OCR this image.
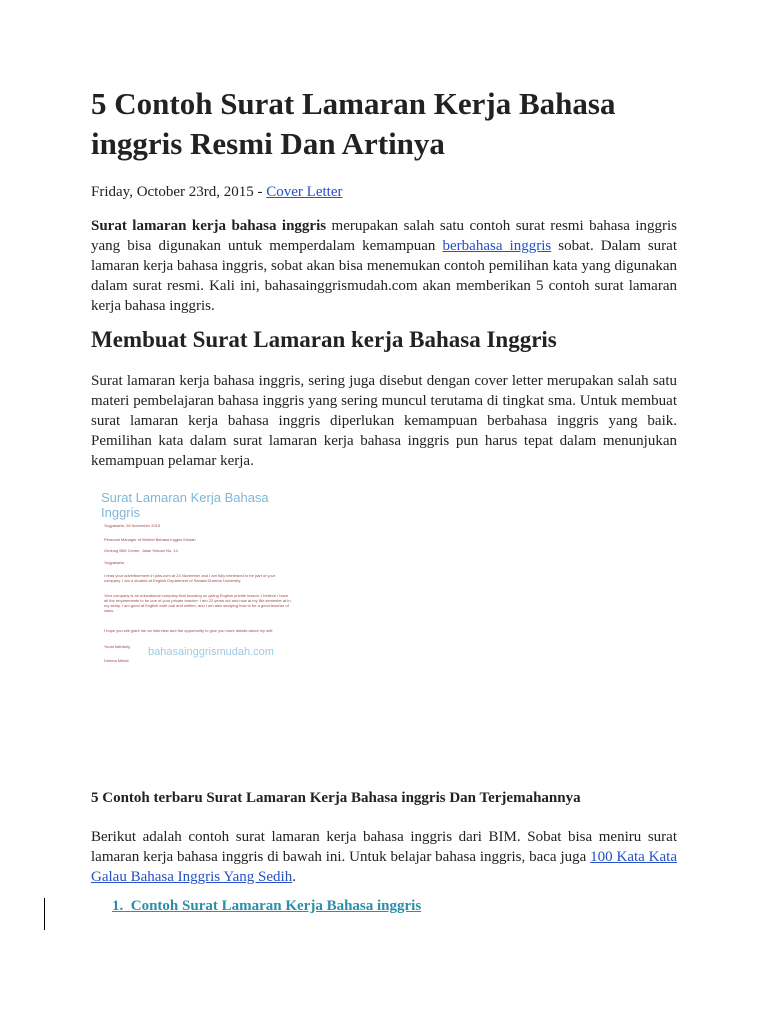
5 Contoh Surat Lamaran Kerja Bahasa inggris Resmi Dan Artinya

Friday, October 23rd, 2015 - Cover Letter

Surat lamaran kerja bahasa inggris merupakan salah satu contoh surat resmi bahasa inggris yang bisa digunakan untuk memperdalam kemampuan berbahasa inggris sobat. Dalam surat lamaran kerja bahasa inggris, sobat akan bisa menemukan contoh pemilihan kata yang digunakan dalam surat resmi. Kali ini, bahasainggrismudah.com akan memberikan 5 contoh surat lamaran kerja bahasa inggris.

Membuat Surat Lamaran kerja Bahasa Inggris

Surat lamaran kerja bahasa inggris, sering juga disebut dengan cover letter merupakan salah satu materi pembelajaran bahasa inggris yang sering muncul terutama di tingkat sma. Untuk membuat surat lamaran kerja bahasa inggris diperlukan kemampuan berbahasa inggris yang baik. Pemilihan kata dalam surat lamaran kerja bahasa inggris pun harus tepat dalam menunjukan kemampuan pelamar kerja.

Surat Lamaran Kerja Bahasa Inggris

Yogyakarta, 26 November 2015

Personal Manager of Bimbel Bahasa Inggris Mudah

Gedung BIM Center, Jalan Setuan No. 14

Yogyakarta

I read your advertisement in jobs.com at 24 November and I am fully interested to be part of your company. I am a student at English Department of Sanata Dharma University.

Your company is an educational company that focusing on giving English private lesson. I believe I have all the requirements to be one of your private teacher. I am 22 years old and now at my 8th semester at in my study. I am good at English both oral and written, and I am also studying how to be a good teacher of class.

I hope you will grant me an interview and the opportunity to give you more details about my self.

Yours faithfully,

Dekma Melati

bahasainggrismudah.com

5 Contoh terbaru Surat Lamaran Kerja Bahasa inggris Dan Terjemahannya

Berikut adalah contoh surat lamaran kerja bahasa inggris dari BIM. Sobat bisa meniru surat lamaran kerja bahasa inggris di bawah ini. Untuk belajar bahasa inggris, baca juga 100 Kata Kata Galau Bahasa Inggris Yang Sedih.

1. Contoh Surat Lamaran Kerja Bahasa inggris
